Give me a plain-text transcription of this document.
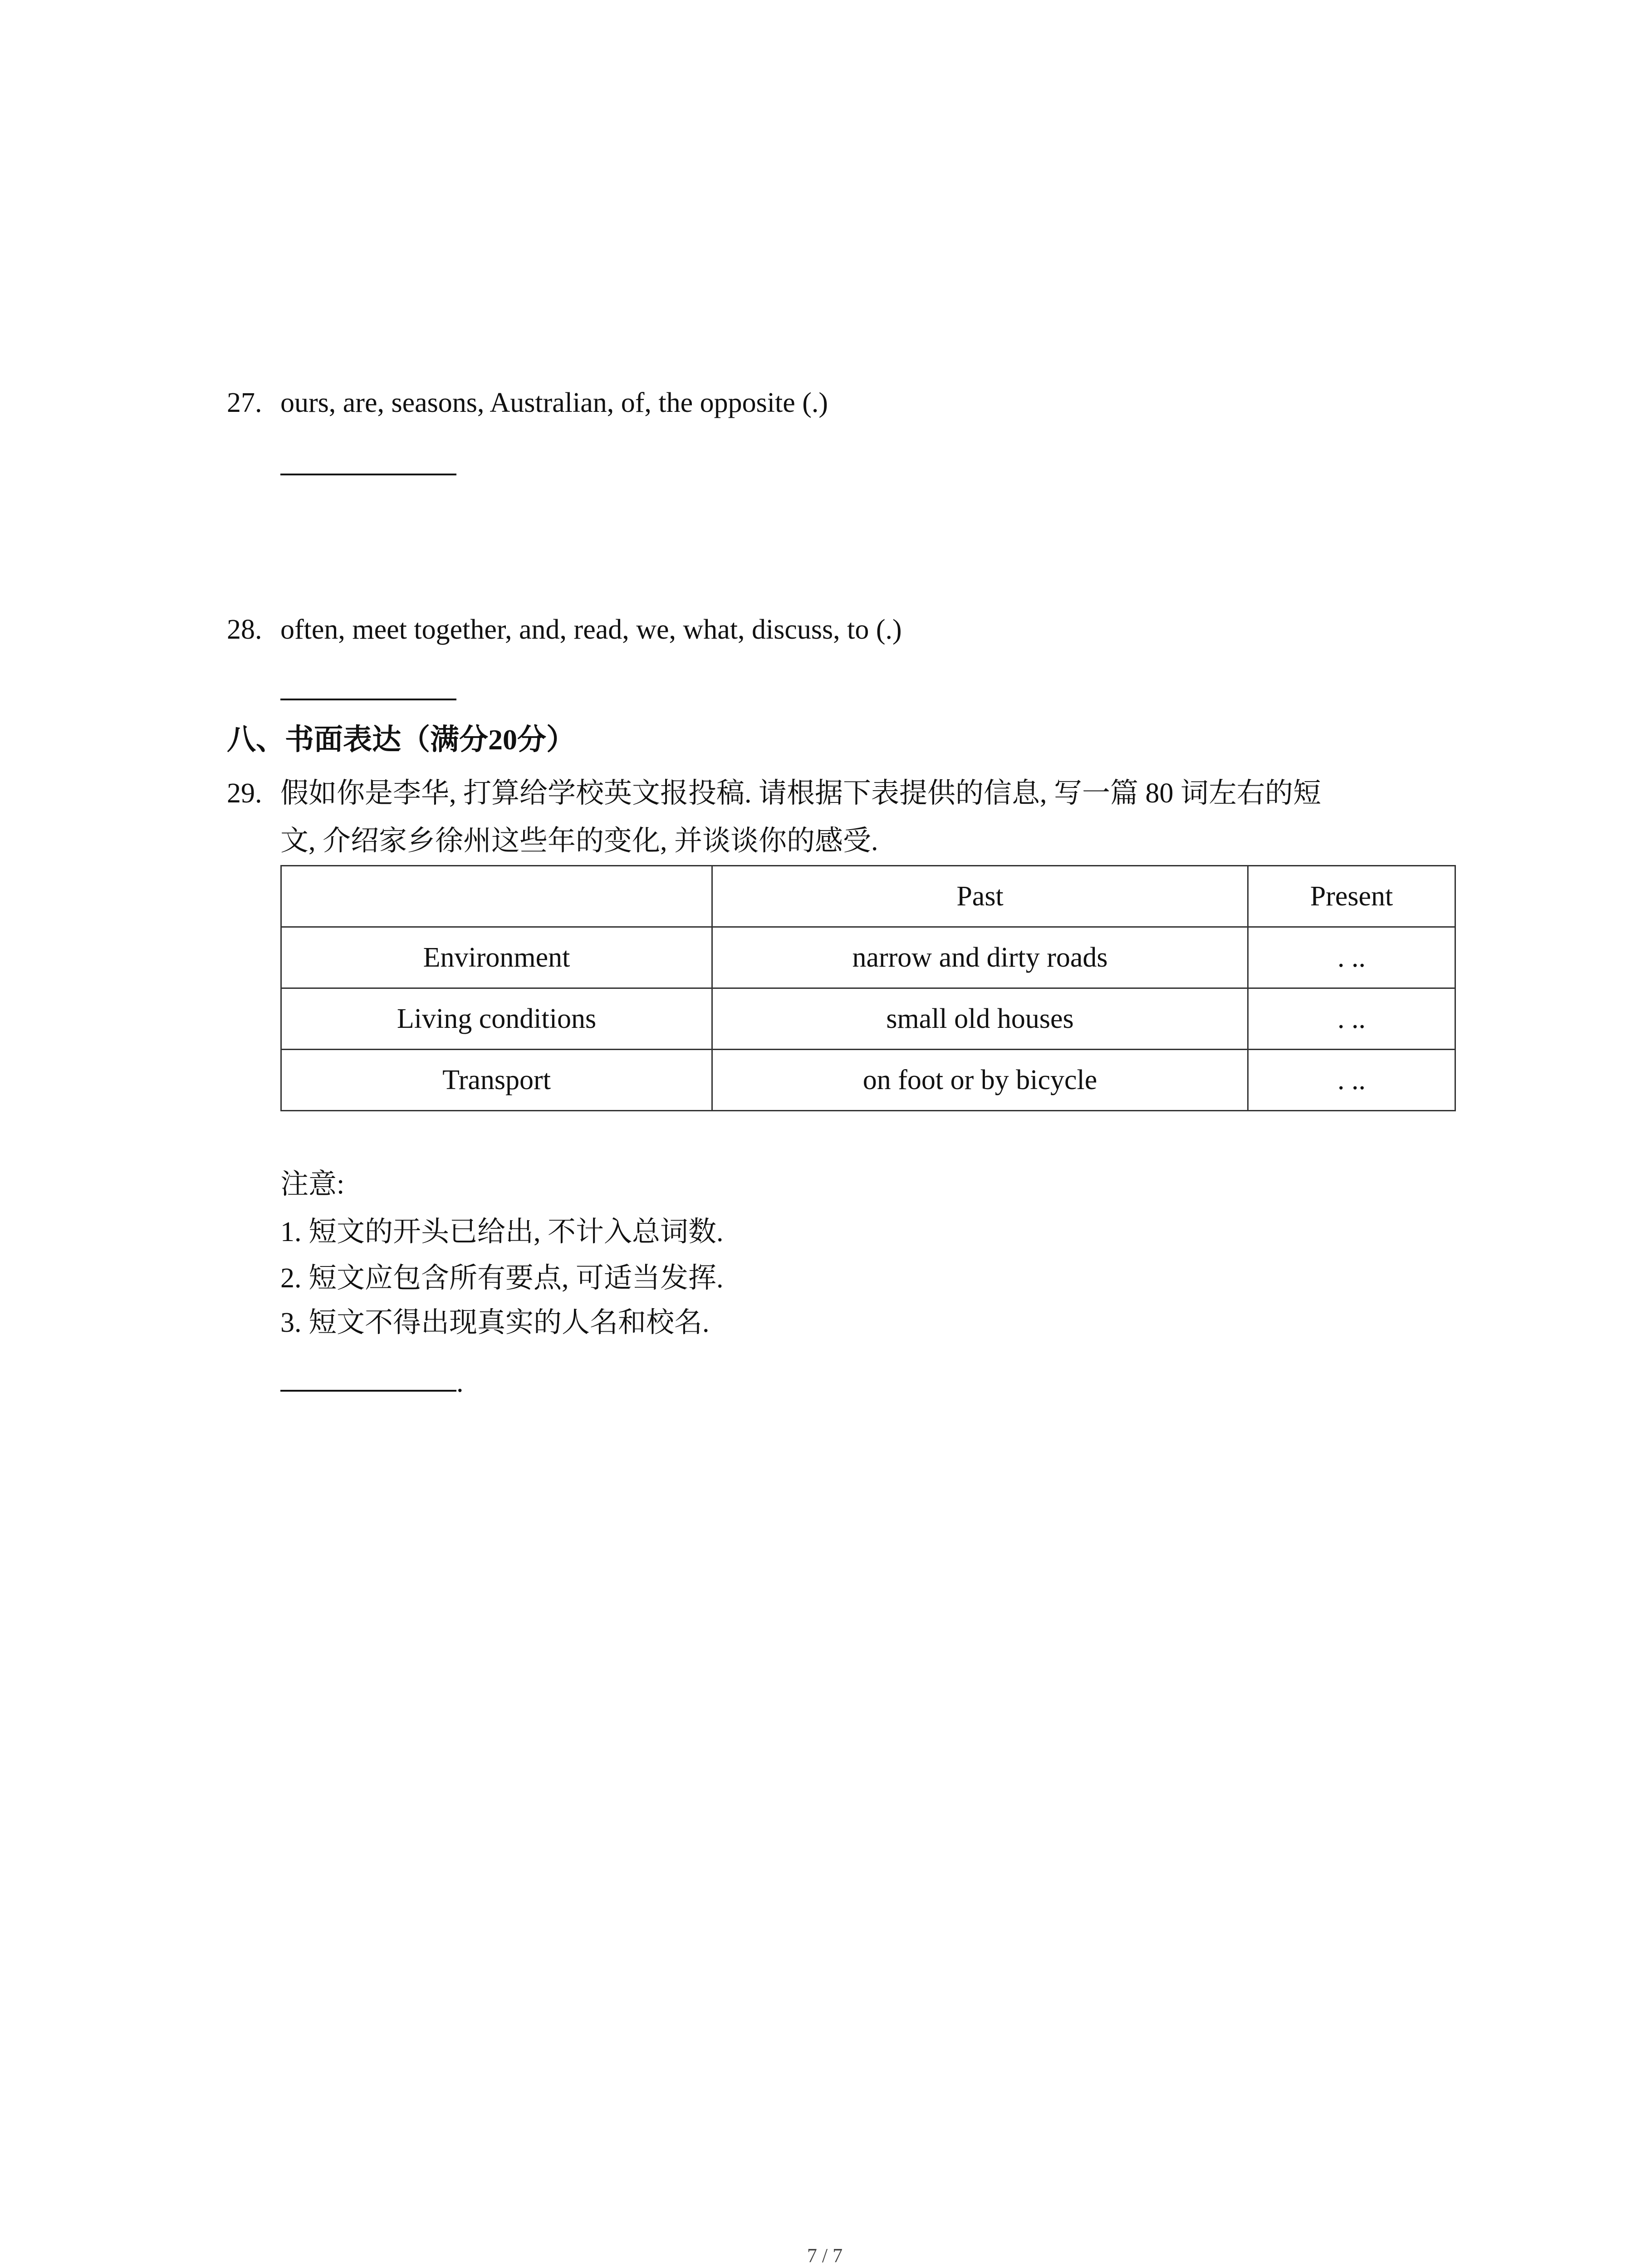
27. ours, are, seasons, Australian, of, the opposite (.)
28. often, meet together, and, read, we, what, discuss, to (.)
八、书面表达（满分20分）
29. 假如你是李华, 打算给学校英文报投稿. 请根据下表提供的信息, 写一篇 80 词左右的短
文, 介绍家乡徐州这些年的变化, 并谈谈你的感受.
	Past	Present
Environment	narrow and dirty roads	. ..
Living conditions	small old houses	. ..
Transport	on foot or by bicycle	. ..
注意:
1. 短文的开头已给出, 不计入总词数.
2. 短文应包含所有要点, 可适当发挥.
3. 短文不得出现真实的人名和校名.
.
7 / 7
